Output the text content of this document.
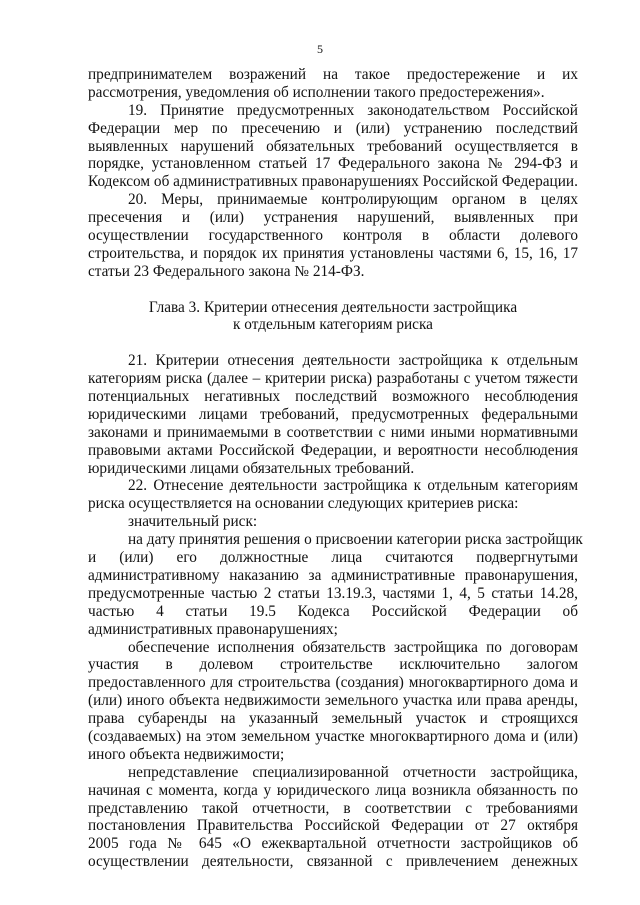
5
предпринимателем возражений на такое предостережение и их
рассмотрения, уведомления об исполнении такого предостережения».
19. Принятие предусмотренных законодательством Российской
Федерации мер по пресечению и (или) устранению последствий
выявленных нарушений обязательных требований осуществляется в
порядке, установленном статьей 17 Федерального закона № 294-ФЗ и
Кодексом об административных правонарушениях Российской Федерации.
20. Меры, принимаемые контролирующим органом в целях
пресечения и (или) устранения нарушений, выявленных при
осуществлении государственного контроля в области долевого
строительства, и порядок их принятия установлены частями 6, 15, 16, 17
статьи 23 Федерального закона № 214-ФЗ.
Глава 3. Критерии отнесения деятельности застройщика
к отдельным категориям риска
21. Критерии отнесения деятельности застройщика к отдельным
категориям риска (далее – критерии риска) разработаны с учетом тяжести
потенциальных негативных последствий возможного несоблюдения
юридическими лицами требований, предусмотренных федеральными
законами и принимаемыми в соответствии с ними иными нормативными
правовыми актами Российской Федерации, и вероятности несоблюдения
юридическими лицами обязательных требований.
22. Отнесение деятельности застройщика к отдельным категориям
риска осуществляется на основании следующих критериев риска:
значительный риск:
на дату принятия решения о присвоении категории риска застройщик
и (или) его должностные лица считаются подвергнутыми
административному наказанию за административные правонарушения,
предусмотренные частью 2 статьи 13.19.3, частями 1, 4, 5 статьи 14.28,
частью 4 статьи 19.5 Кодекса Российской Федерации об
административных правонарушениях;
обеспечение исполнения обязательств застройщика по договорам
участия в долевом строительстве исключительно залогом
предоставленного для строительства (создания) многоквартирного дома и
(или) иного объекта недвижимости земельного участка или права аренды,
права субаренды на указанный земельный участок и строящихся
(создаваемых) на этом земельном участке многоквартирного дома и (или)
иного объекта недвижимости;
непредставление специализированной отчетности застройщика,
начиная с момента, когда у юридического лица возникла обязанность по
представлению такой отчетности, в соответствии с требованиями
постановления Правительства Российской Федерации от 27 октября
2005 года № 645 «О ежеквартальной отчетности застройщиков об
осуществлении деятельности, связанной с привлечением денежных
